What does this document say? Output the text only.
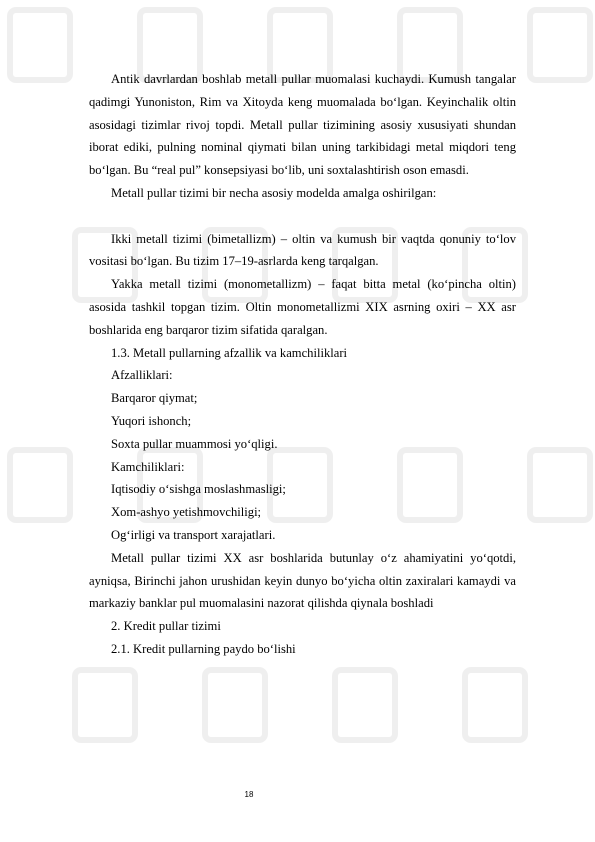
Antik davrlardan boshlab metall pullar muomalasi kuchaydi. Kumush tangalar qadimgi Yunoniston, Rim va Xitoyda keng muomalada bo‘lgan. Keyinchalik oltin asosidagi tizimlar rivoj topdi. Metall pullar tizimining asosiy xususiyati shundan iborat ediki, pulning nominal qiymati bilan uning tarkibidagi metal miqdori teng bo‘lgan. Bu “real pul” konsepsiyasi bo‘lib, uni soxtalashtirish oson emasdi.

Metall pullar tizimi bir necha asosiy modelda amalga oshirilgan:

Ikki metall tizimi (bimetallizm) – oltin va kumush bir vaqtda qonuniy to‘lov vositasi bo‘lgan. Bu tizim 17–19-asrlarda keng tarqalgan.

Yakka metall tizimi (monometallizm) – faqat bitta metal (ko‘pincha oltin) asosida tashkil topgan tizim. Oltin monometallizmi XIX asrning oxiri – XX asr boshlarida eng barqaror tizim sifatida qaralgan.

1.3. Metall pullarning afzallik va kamchiliklari

Afzalliklari:

Barqaror qiymat;

Yuqori ishonch;

Soxta pullar muammosi yo‘qligi.

Kamchiliklari:

Iqtisodiy o‘sishga moslashmasligi;

Xom-ashyo yetishmovchiligi;

Og‘irligi va transport xarajatlari.

Metall pullar tizimi XX asr boshlarida butunlay o‘z ahamiyatini yo‘qotdi, ayniqsa, Birinchi jahon urushidan keyin dunyo bo‘yicha oltin zaxiralari kamaydi va markaziy banklar pul muomalasini nazorat qilishda qiynala boshladi

2. Kredit pullar tizimi

2.1. Kredit pullarning paydo bo‘lishi

18
